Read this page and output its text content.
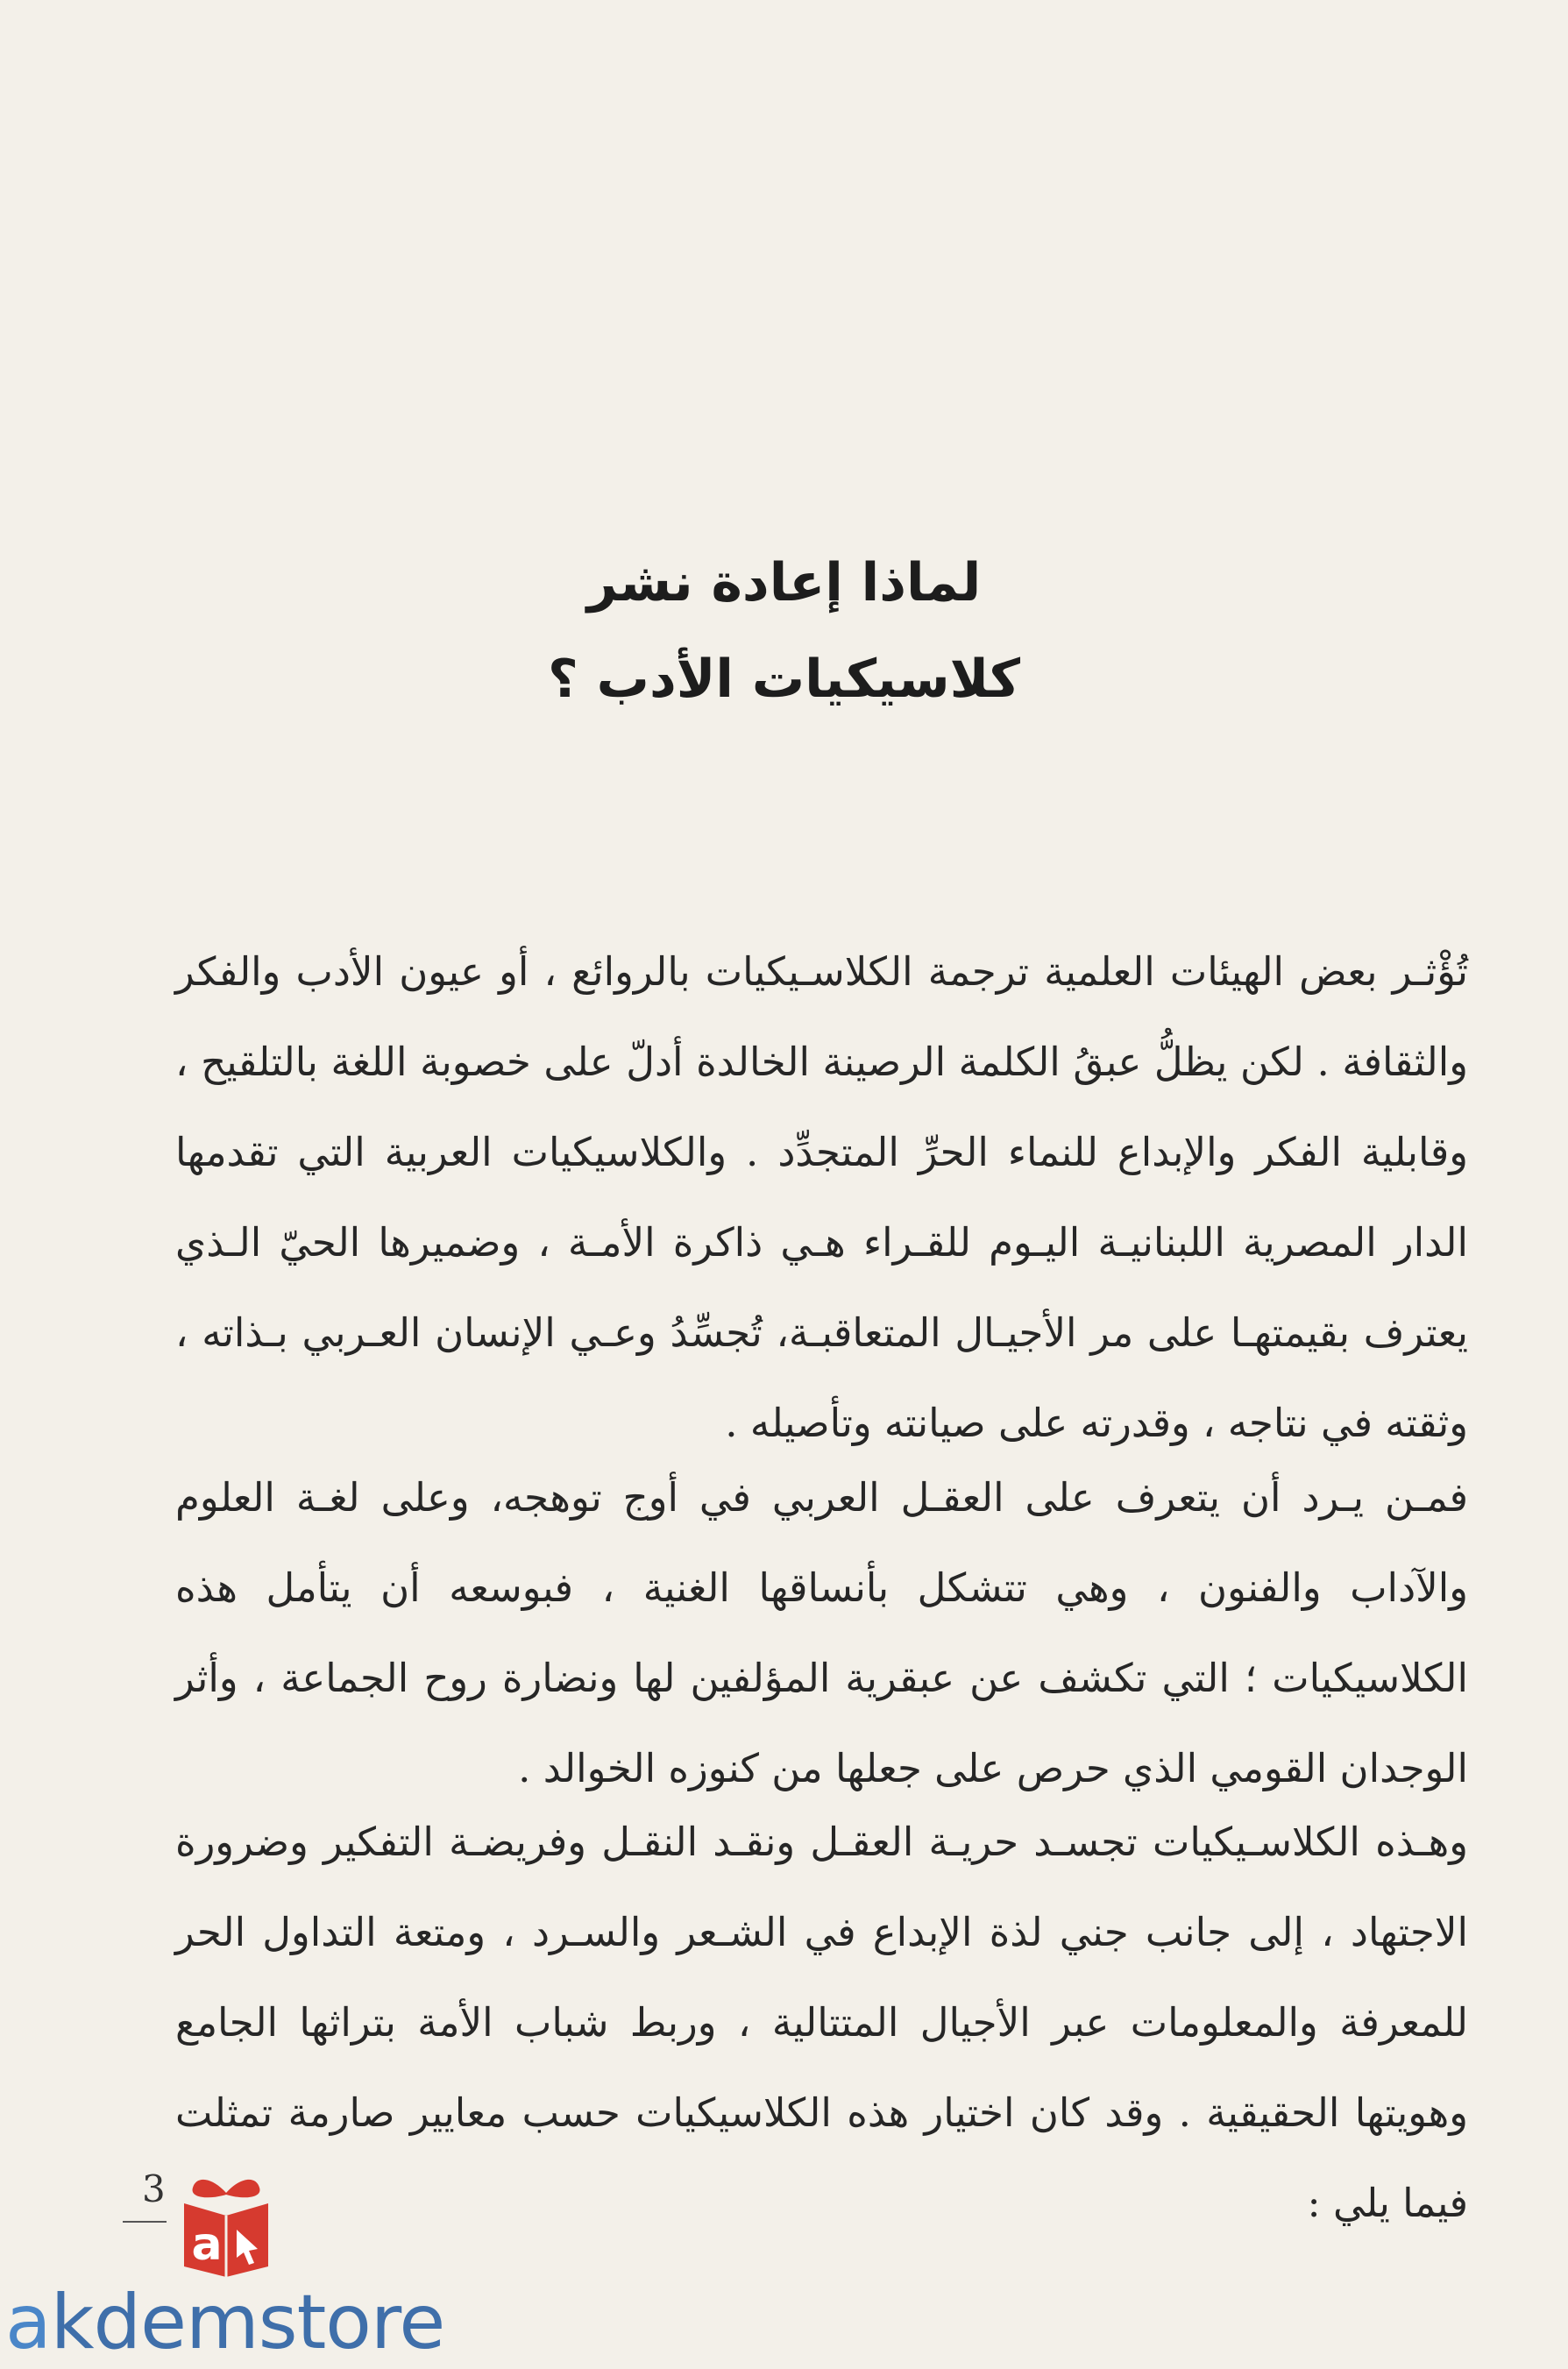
لماذا إعادة نشر
كلاسيكيات الأدب ؟

تُؤْثـر بعض الهيئات العلمية ترجمة الكلاسـيكيات بالروائع ، أو عيون الأدب والفكر والثقافة . لكن يظلُّ عبقُ الكلمة الرصينة الخالدة أدلّ على خصوبة اللغة بالتلقيح ، وقابلية الفكر والإبداع للنماء الحرِّ المتجدِّد . والكلاسيكيات العربية التي تقدمها الدار المصرية اللبنانيـة اليـوم للقـراء هـي ذاكرة الأمـة ، وضميرها الحيّ الـذي يعترف بقيمتهـا على مر الأجيـال المتعاقبـة، تُجسِّدُ وعـي الإنسان العـربي بـذاته ، وثقته في نتاجه ، وقدرته على صيانته وتأصيله .

فمـن يـرد أن يتعرف على العقـل العربي في أوج توهجه، وعلى لغـة العلوم والآداب والفنون ، وهي تتشكل بأنساقها الغنية ، فبوسعه أن يتأمل هذه الكلاسيكيات ؛ التي تكشف عن عبقرية المؤلفين لها ونضارة روح الجماعة ، وأثر الوجدان القومي الذي حرص على جعلها من كنوزه الخوالد .

وهـذه الكلاسـيكيات تجسـد حريـة العقـل ونقـد النقـل وفريضـة التفكير وضرورة الاجتهاد ، إلى جانب جني لذة الإبداع في الشـعر والسـرد ، ومتعة التداول الحر للمعرفة والمعلومات عبر الأجيال المتتالية ، وربط شباب الأمة بتراثها الجامع وهويتها الحقيقية . وقد كان اختيار هذه الكلاسيكيات حسب معايير صارمة تمثلت فيما يلي :

3
a
akdemstore
